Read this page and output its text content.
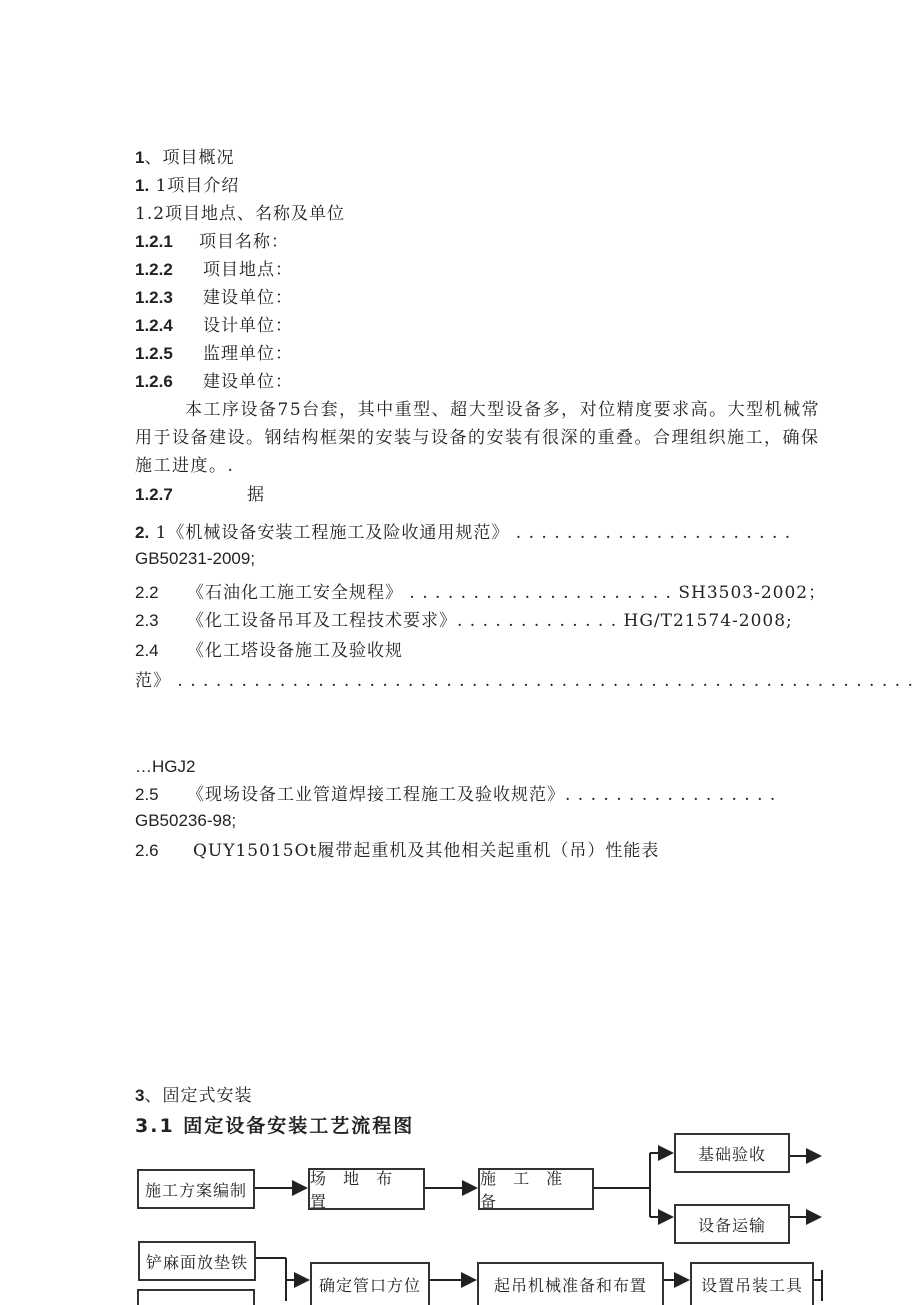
1、项目概况
1. 1项目介绍
1.2项目地点、名称及单位
1.2.1 项目名称：
1.2.2 项目地点：
1.2.3 建设单位：
1.2.4 设计单位：
1.2.5 监理单位：
1.2.6 建设单位：
本工序设备75台套，其中重型、超大型设备多，对位精度要求高。大型机械常用于设备建设。钢结构框架的安装与设备的安装有很深的重叠。合理组织施工，确保施工进度。.
1.2.7	据
2. 1《机械设备安装工程施工及险收通用规范》 . . . . . . . . . . . . . . . . . . . . . .
GB50231-2009;
2.2 《石油化工施工安全规程》 . . . . . . . . . . . . . . . . . . . . . SH3503-2002；
2.3 《化工设备吊耳及工程技术要求》. . . . . . . . . . . . . HG/T21574-2008;
2.4 《化工塔设备施工及验收规
范》 . . . . . . . . . . . . . . . . . . . . . . . . . . . . . . . . . . . . . . . . . . . . . . . . . . . . . . . . . .
…HGJ2
2.5 《现场设备工业管道焊接工程施工及验收规范》. . . . . . . . . . . . . . . . .
GB50236-98;
2.6 QUY15015Ot履带起重机及其他相关起重机（吊）性能表
3、固定式安装
3.1 固定设备安装工艺流程图
施工方案编制
场 地 布 置
施 工 准 备
基础验收
设备运输
铲麻面放垫铁
确定管口方位	起吊机械准备和布置	设置吊装工具
